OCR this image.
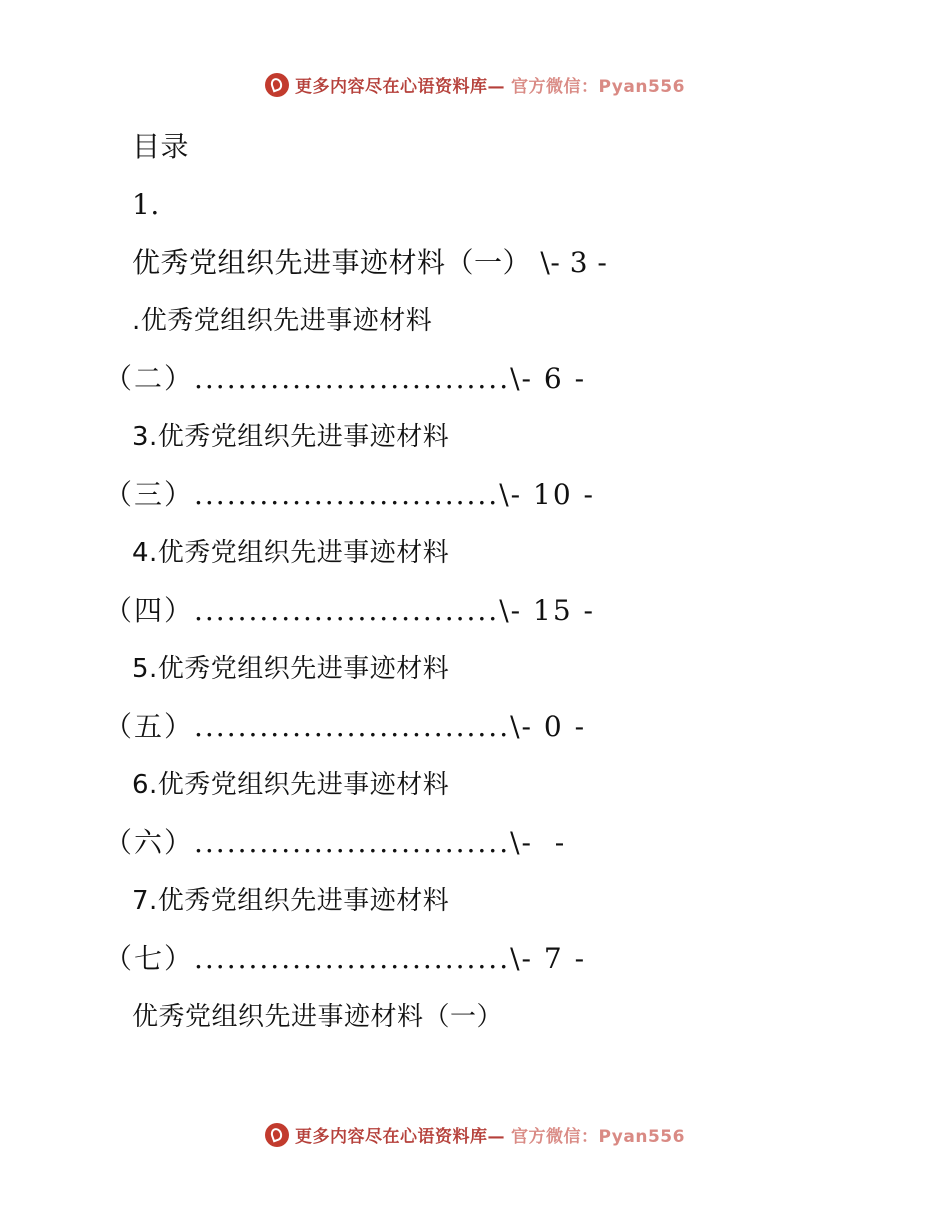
更多内容尽在心语资料库— 官方微信：Pyan556
目录
1.
优秀党组织先进事迹材料（一） \- 3 -
.优秀党组织先进事迹材料
（二）.............................\- 6 -
3.优秀党组织先进事迹材料
（三）............................\- 10 -
4.优秀党组织先进事迹材料
（四）............................\- 15 -
5.优秀党组织先进事迹材料
（五）.............................\- 0 -
6.优秀党组织先进事迹材料
（六）.............................\-  -
7.优秀党组织先进事迹材料
（七）.............................\- 7 -
优秀党组织先进事迹材料（一）
更多内容尽在心语资料库— 官方微信：Pyan556
